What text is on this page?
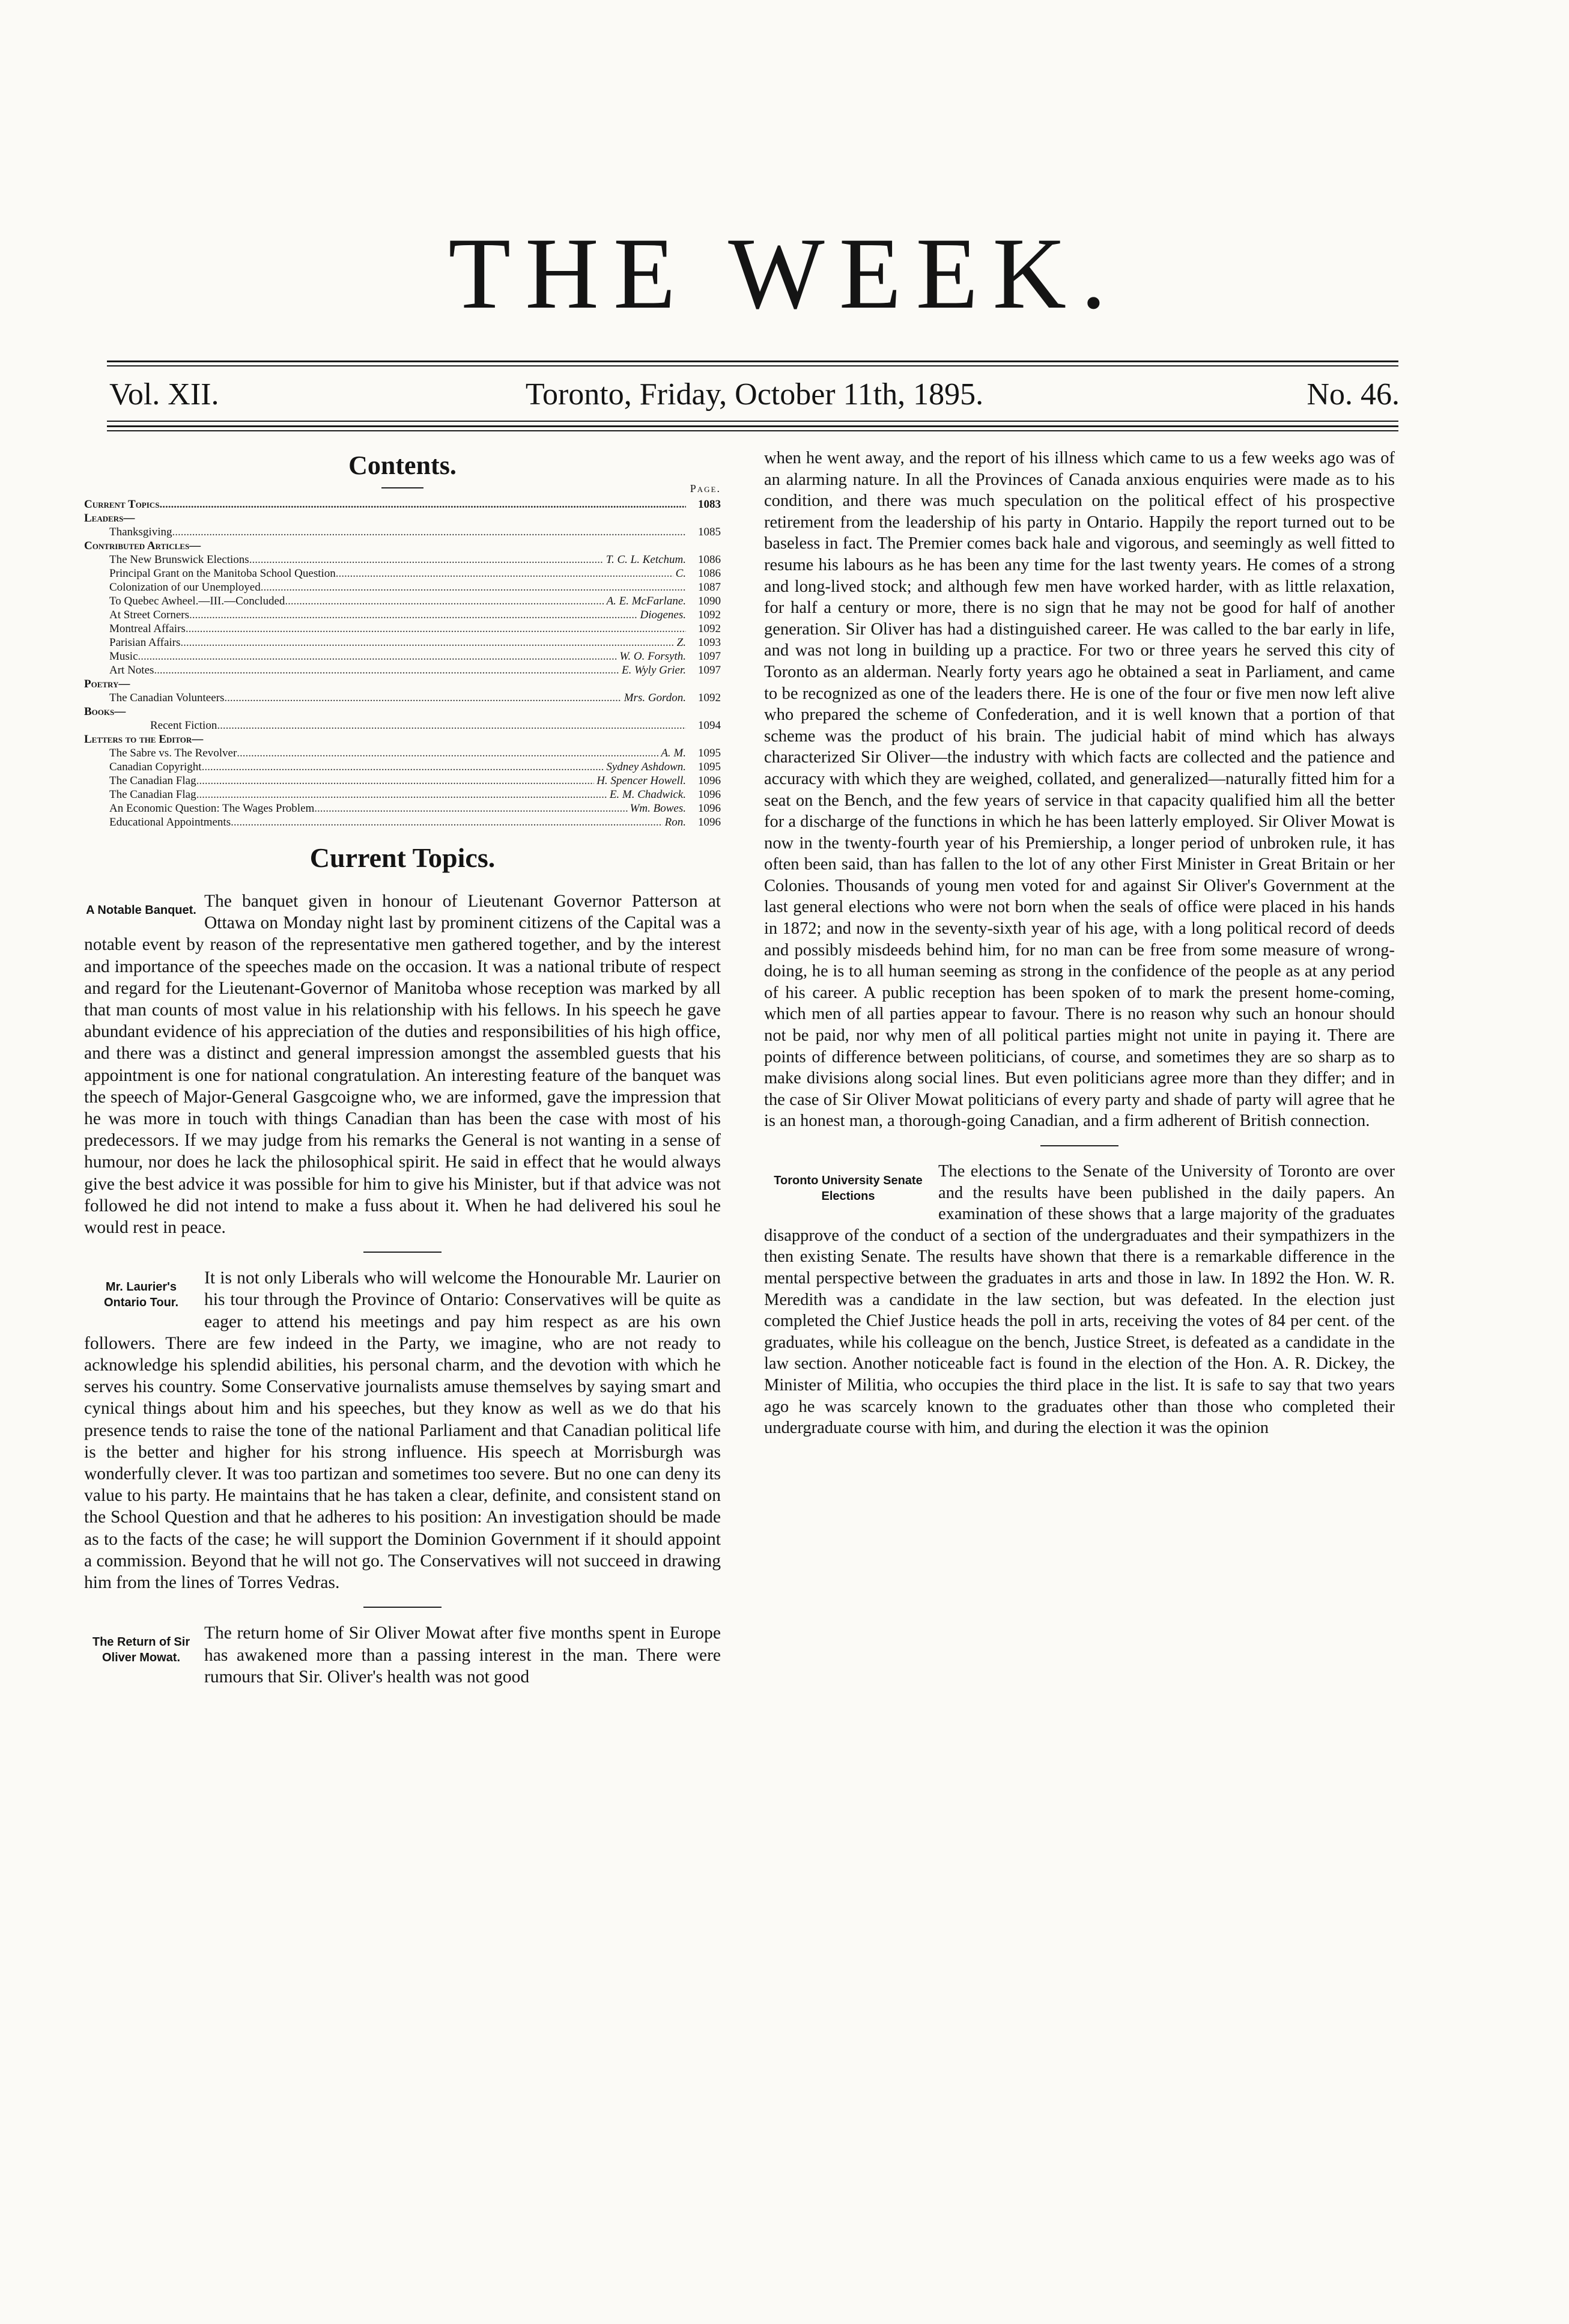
THE WEEK.
Vol. XII.	Toronto, Friday, October 11th, 1895.	No. 46.
Contents.
Page.
Current Topics .....	1083
Leaders—
Thanksgiving .....	1085
Contributed Articles—
The New Brunswick Elections .....	T. C. L. Ketchum.	1086
Principal Grant on the Manitoba School Question .....	C.	1086
Colonization of our Unemployed .....	1087
To Quebec Awheel.—III.—Concluded .....	A. E. McFarlane.	1090
At Street Corners .....	Diogenes.	1092
Montreal Affairs .....	1092
Parisian Affairs .....	Z.	1093
Music .....	W. O. Forsyth.	1097
Art Notes .....	E. Wyly Grier.	1097
Poetry—
The Canadian Volunteers .....	Mrs. Gordon.	1092
Books—
Recent Fiction .....	1094
Letters to the Editor—
The Sabre vs. The Revolver .....	A. M.	1095
Canadian Copyright .....	Sydney Ashdown.	1095
The Canadian Flag .....	H. Spencer Howell.	1096
The Canadian Flag .....	E. M. Chadwick.	1096
An Economic Question: The Wages Problem .....	Wm. Bowes.	1096
Educational Appointments .....	Ron.	1096
Current Topics.
A Notable Banquet. The banquet given in honour of Lieutenant Governor Patterson at Ottawa on Monday night last by prominent citizens of the Capital was a notable event by reason of the representative men gathered together, and by the interest and importance of the speeches made on the occasion. It was a national tribute of respect and regard for the Lieutenant-Governor of Manitoba whose reception was marked by all that man counts of most value in his relationship with his fellows. In his speech he gave abundant evidence of his appreciation of the duties and responsibilities of his high office, and there was a distinct and general impression amongst the assembled guests that his appointment is one for national congratulation. An interesting feature of the banquet was the speech of Major-General Gasgcoigne who, we are informed, gave the impression that he was more in touch with things Canadian than has been the case with most of his predecessors. If we may judge from his remarks the General is not wanting in a sense of humour, nor does he lack the philosophical spirit. He said in effect that he would always give the best advice it was possible for him to give his Minister, but if that advice was not followed he did not intend to make a fuss about it. When he had delivered his soul he would rest in peace.

Mr. Laurier's Ontario Tour.

It is not only Liberals who will welcome the Honourable Mr. Laurier on his tour through the Province of Ontario: Conservatives will be quite as eager to attend his meetings and pay him respect as are his own followers. There are few indeed in the Party, we imagine, who are not ready to acknowledge his splendid abilities, his personal charm, and the devotion with which he serves his country. Some Conservative journalists amuse themselves by saying smart and cynical things about him and his speeches, but they know as well as we do that his presence tends to raise the tone of the national Parliament and that Canadian political life is the better and higher for his strong influence. His speech at Morrisburgh was wonderfully clever. It was too partizan and sometimes too severe. But no one can deny its value to his party. He maintains that he has taken a clear, definite, and consistent stand on the School Question and that he adheres to his position: An investigation should be made as to the facts of the case; he will support the Dominion Government if it should appoint a commission. Beyond that he will not go. The Conservatives will not succeed in drawing him from the lines of Torres Vedras.

The Return of Sir Oliver Mowat.

The return home of Sir Oliver Mowat after five months spent in Europe has awakened more than a passing interest in the man. There were rumours that Sir. Oliver's health was not good

when he went away, and the report of his illness which came to us a few weeks ago was of an alarming nature. In all the Provinces of Canada anxious enquiries were made as to his condition, and there was much speculation on the political effect of his prospective retirement from the leadership of his party in Ontario. Happily the report turned out to be baseless in fact. The Premier comes back hale and vigorous, and seemingly as well fitted to resume his labours as he has been any time for the last twenty years. He comes of a strong and long-lived stock; and although few men have worked harder, with as little relaxation, for half a century or more, there is no sign that he may not be good for half of another generation. Sir Oliver has had a distinguished career. He was called to the bar early in life, and was not long in building up a practice. For two or three years he served this city of Toronto as an alderman. Nearly forty years ago he obtained a seat in Parliament, and came to be recognized as one of the leaders there. He is one of the four or five men now left alive who prepared the scheme of Confederation, and it is well known that a portion of that scheme was the product of his brain. The judicial habit of mind which has always characterized Sir Oliver—the industry with which facts are collected and the patience and accuracy with which they are weighed, collated, and generalized—naturally fitted him for a seat on the Bench, and the few years of service in that capacity qualified him all the better for a discharge of the functions in which he has been latterly employed. Sir Oliver Mowat is now in the twenty-fourth year of his Premiership, a longer period of unbroken rule, it has often been said, than has fallen to the lot of any other First Minister in Great Britain or her Colonies. Thousands of young men voted for and against Sir Oliver's Government at the last general elections who were not born when the seals of office were placed in his hands in 1872; and now in the seventy-sixth year of his age, with a long political record of deeds and possibly misdeeds behind him, for no man can be free from some measure of wrong-doing, he is to all human seeming as strong in the confidence of the people as at any period of his career. A public reception has been spoken of to mark the present home-coming, which men of all parties appear to favour. There is no reason why such an honour should not be paid, nor why men of all political parties might not unite in paying it. There are points of difference between politicians, of course, and sometimes they are so sharp as to make divisions along social lines. But even politicians agree more than they differ; and in the case of Sir Oliver Mowat politicians of every party and shade of party will agree that he is an honest man, a thorough-going Canadian, and a firm adherent of British connection.

Toronto University Senate Elections

The elections to the Senate of the University of Toronto are over and the results have been published in the daily papers. An examination of these shows that a large majority of the graduates disapprove of the conduct of a section of the undergraduates and their sympathizers in the then existing Senate. The results have shown that there is a remarkable difference in the mental perspective between the graduates in arts and those in law. In 1892 the Hon. W. R. Meredith was a candidate in the law section, but was defeated. In the election just completed the Chief Justice heads the poll in arts, receiving the votes of 84 per cent. of the graduates, while his colleague on the bench, Justice Street, is defeated as a candidate in the law section. Another noticeable fact is found in the election of the Hon. A. R. Dickey, the Minister of Militia, who occupies the third place in the list. It is safe to say that two years ago he was scarcely known to the graduates other than those who completed their undergraduate course with him, and during the election it was the opinion
